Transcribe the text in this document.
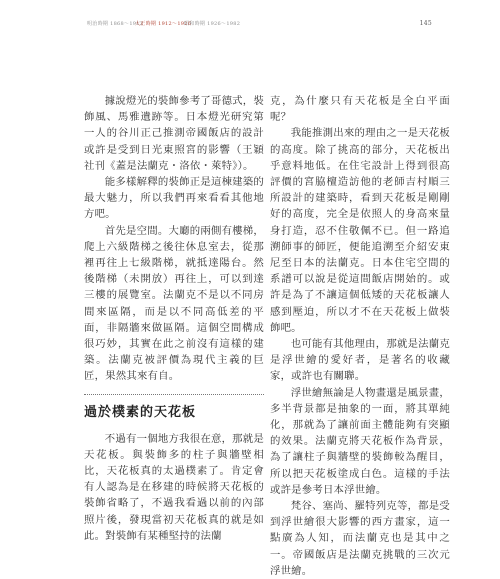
明治時期 1868～1912
大正時期 1912～1926
昭和時期 1926～1982	145

據說燈光的裝飾參考了哥德式，裝飾風、馬雅遺跡等。日本燈光研究第一人的谷川正己推測帝國飯店的設計或許是受到日光東照宮的影響（王穎社刊《蓋是法蘭克・洛依・萊特》）。

能多樣解釋的裝飾正是這棟建築的最大魅力，所以我們再來看看其他地方吧。

首先是空間。大廳的兩側有樓梯，爬上六級階梯之後往休息室去，從那裡再往上七級階梯，就抵達陽台。然後階梯（未開放）再往上，可以到達三樓的展覽室。法蘭克不是以不同房間來區隔，而是以不同高低差的平面，非隔牆來做區隔。這個空間構成很巧妙，其實在此之前沒有這樣的建築。法蘭克被評價為現代主義的巨匠，果然其來有自。

過於樸素的天花板

不過有一個地方我很在意，那就是天花板。與裝飾多的柱子與牆壁相比，天花板真的太過樸素了。肯定會有人認為是在移建的時候將天花板的裝飾省略了，不過我看過以前的內部照片後，發現當初天花板真的就是如此。對裝飾有某種堅持的法蘭

克，為什麼只有天花板是全白平面呢？

我能推測出來的理由之一是天花板的高度。除了挑高的部分，天花板出乎意料地低。在住宅設計上得到很高評價的宮脇檀造訪他的老師吉村順三所設計的建築時，看到天花板是剛剛好的高度，完全是依照人的身高來量身打造，忍不住敬佩不已。但一路追溯師事的師匠，便能追溯至介紹安東尼至日本的法蘭克。日本住宅空間的系譜可以說是從這間飯店開始的。或許是為了不讓這個低矮的天花板讓人感到壓迫，所以才不在天花板上做裝飾吧。

也可能有其他理由，那就是法蘭克是浮世繪的愛好者，是著名的收藏家，或許也有關聯。

浮世繪無論是人物畫還是風景畫，多半背景都是抽象的一面，將其單純化，那就為了讓前面主體能夠有突顯的效果。法蘭克將天花板作為背景，為了讓柱子與牆壁的裝飾較為醒目，所以把天花板塗成白色。這樣的手法或許是參考日本浮世繪。

梵谷、塞尚、羅特列克等，都是受到浮世繪很大影響的西方畫家，這一點廣為人知，而法蘭克也是其中之一。帝國飯店是法蘭克挑戰的三次元浮世繪。
